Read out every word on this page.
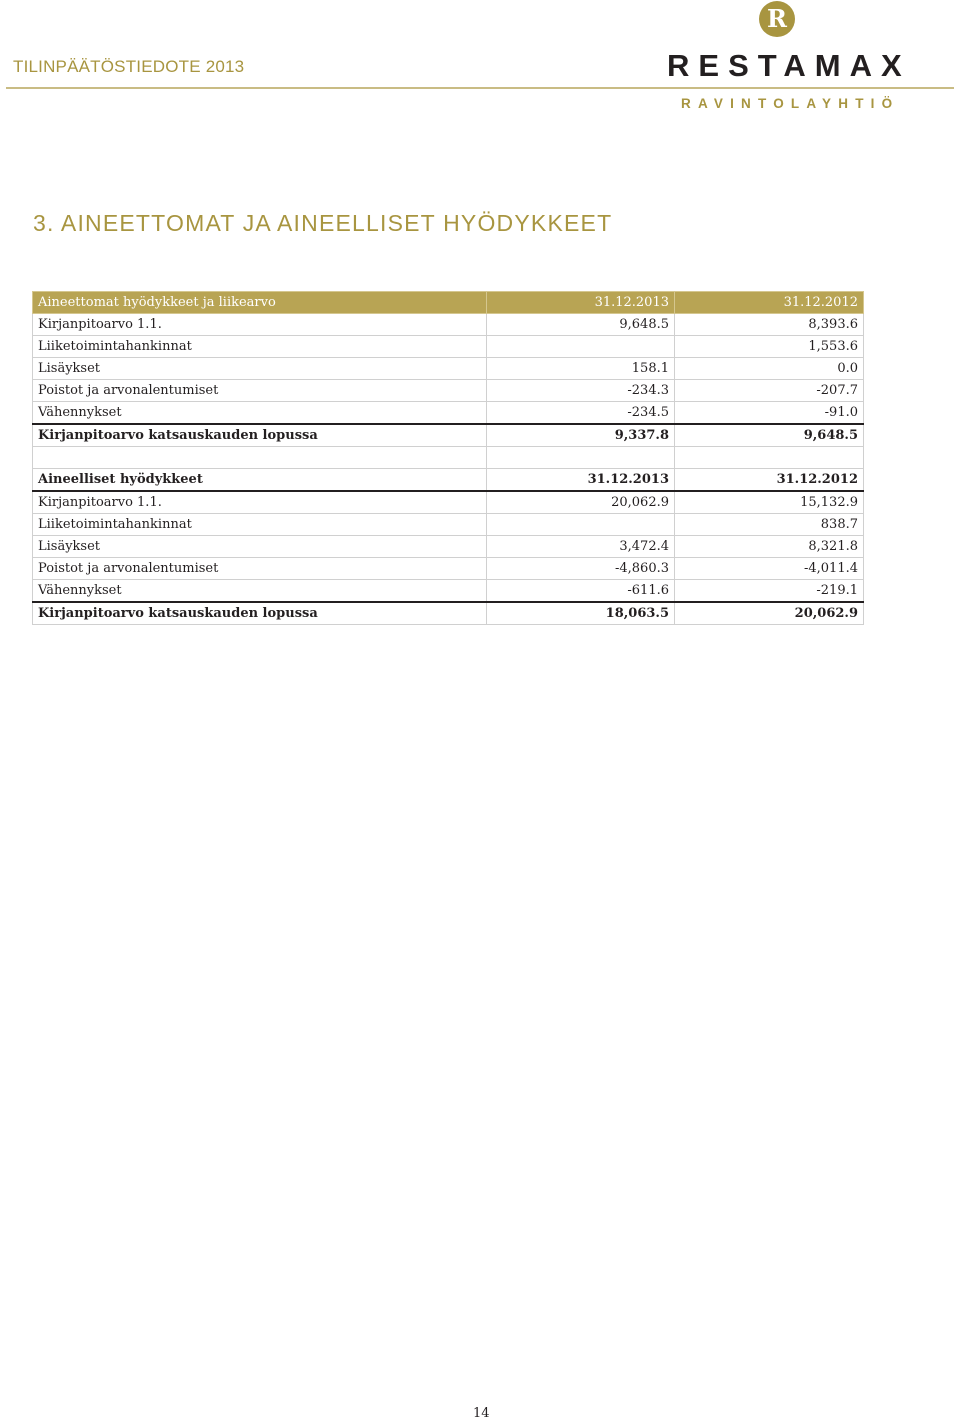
TILINPÄÄTÖSTIEDOTE 2013
R
RESTAMAX
RAVINTOLAYHTIÖ
3. AINEETTOMAT JA AINEELLISET HYÖDYKKEET
Aineettomat hyödykkeet ja liikearvo	31.12.2013	31.12.2012
Kirjanpitoarvo 1.1.	9,648.5	8,393.6
Liiketoimintahankinnat		1,553.6
Lisäykset	158.1	0.0
Poistot ja arvonalentumiset	-234.3	-207.7
Vähennykset	-234.5	-91.0
Kirjanpitoarvo katsauskauden lopussa	9,337.8	9,648.5

Aineelliset hyödykkeet	31.12.2013	31.12.2012
Kirjanpitoarvo 1.1.	20,062.9	15,132.9
Liiketoimintahankinnat		838.7
Lisäykset	3,472.4	8,321.8
Poistot ja arvonalentumiset	-4,860.3	-4,011.4
Vähennykset	-611.6	-219.1
Kirjanpitoarvo katsauskauden lopussa	18,063.5	20,062.9
14
